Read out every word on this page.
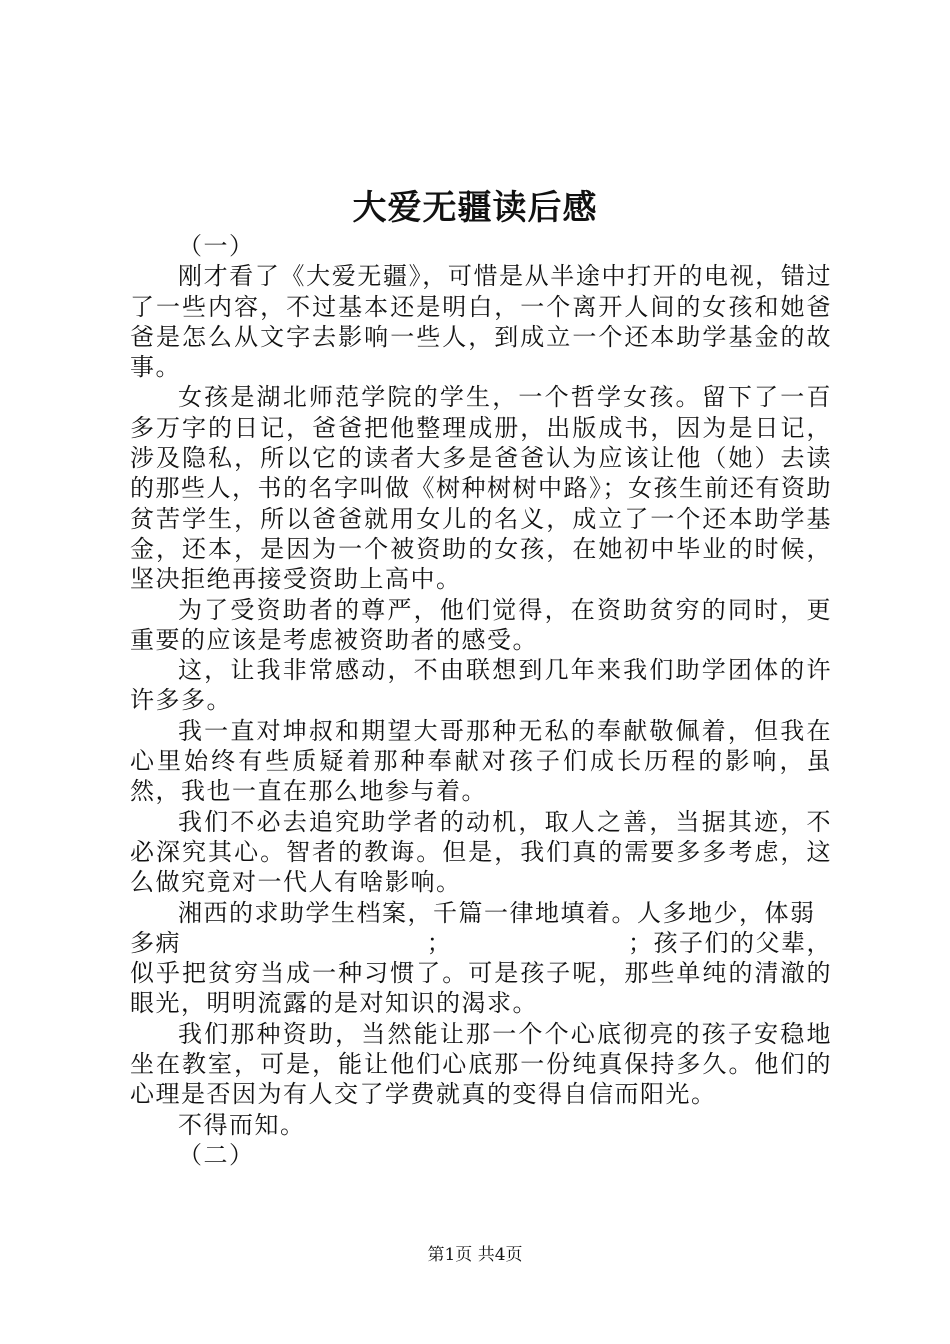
大爱无疆读后感

（一）

刚才看了《大爱无疆》，可惜是从半途中打开的电视，错过了一些内容，不过基本还是明白，一个离开人间的女孩和她爸爸是怎么从文字去影响一些人，到成立一个还本助学基金的故事。

女孩是湖北师范学院的学生，一个哲学女孩。留下了一百多万字的日记，爸爸把他整理成册，出版成书，因为是日记，涉及隐私，所以它的读者大多是爸爸认为应该让他（她）去读的那些人，书的名字叫做《树种树树中路》；女孩生前还有资助贫苦学生，所以爸爸就用女儿的名义，成立了一个还本助学基金，还本，是因为一个被资助的女孩，在她初中毕业的时候，坚决拒绝再接受资助上高中。

为了受资助者的尊严，他们觉得，在资助贫穷的同时，更重要的应该是考虑被资助者的感受。

这，让我非常感动，不由联想到几年来我们助学团体的许许多多。

我一直对坤叔和期望大哥那种无私的奉献敬佩着，但我在心里始终有些质疑着那种奉献对孩子们成长历程的影响，虽然，我也一直在那么地参与着。

我们不必去追究助学者的动机，取人之善，当据其迹，不必深究其心。智者的教诲。但是，我们真的需要多多考虑，这么做究竟对一代人有啥影响。

湘西的求助学生档案，千篇一律地填着。人多地少，体弱

多病	；	；孩子们的父辈，

似乎把贫穷当成一种习惯了。可是孩子呢，那些单纯的清澈的眼光，明明流露的是对知识的渴求。

我们那种资助，当然能让那一个个心底彻亮的孩子安稳地坐在教室，可是，能让他们心底那一份纯真保持多久。他们的心理是否因为有人交了学费就真的变得自信而阳光。

不得而知。

（二）

第1页 共4页
